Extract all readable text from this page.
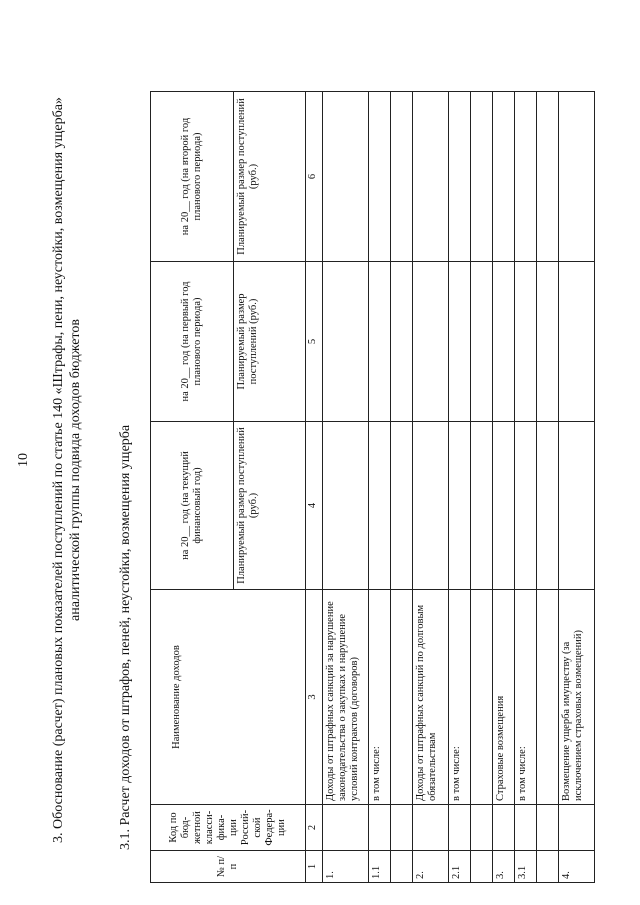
10 3. Обоснование (расчет) плановых показателей поступлений по статье 140 «Штрафы, пени, неустойки, возмещения ущерба» аналитической группы подвида доходов бюджетов	3.1. Расчет доходов от штрафов, пеней, неустойки, возмещения ущерба
№ п/п	Код по бюд-жетной класси-фика-ции Россий-ской Федера-ции	Наименование доходов	на 20__ год (на текущий финансовый год)	на 20__ год (на первый год планового периода)	на 20__ год (на второй год планового периода)
			Планируемый размер поступлений (руб.)	Планируемый размер поступлений (руб.)	Планируемый размер поступлений (руб.)
1	2	3	4	5	6
1.		Доходы от штрафных санкций за нарушение законодательства о закупках и нарушение условий контрактов (договоров)			
1.1		в том числе:			

2.		Доходы от штрафных санкций по долговым обязательствам			
2.1		в том числе:			

3.		Страховые возмещения			
3.1		в том числе:			

4.		Возмещение ущерба имуществу (за исключением страховых возмещений)			
